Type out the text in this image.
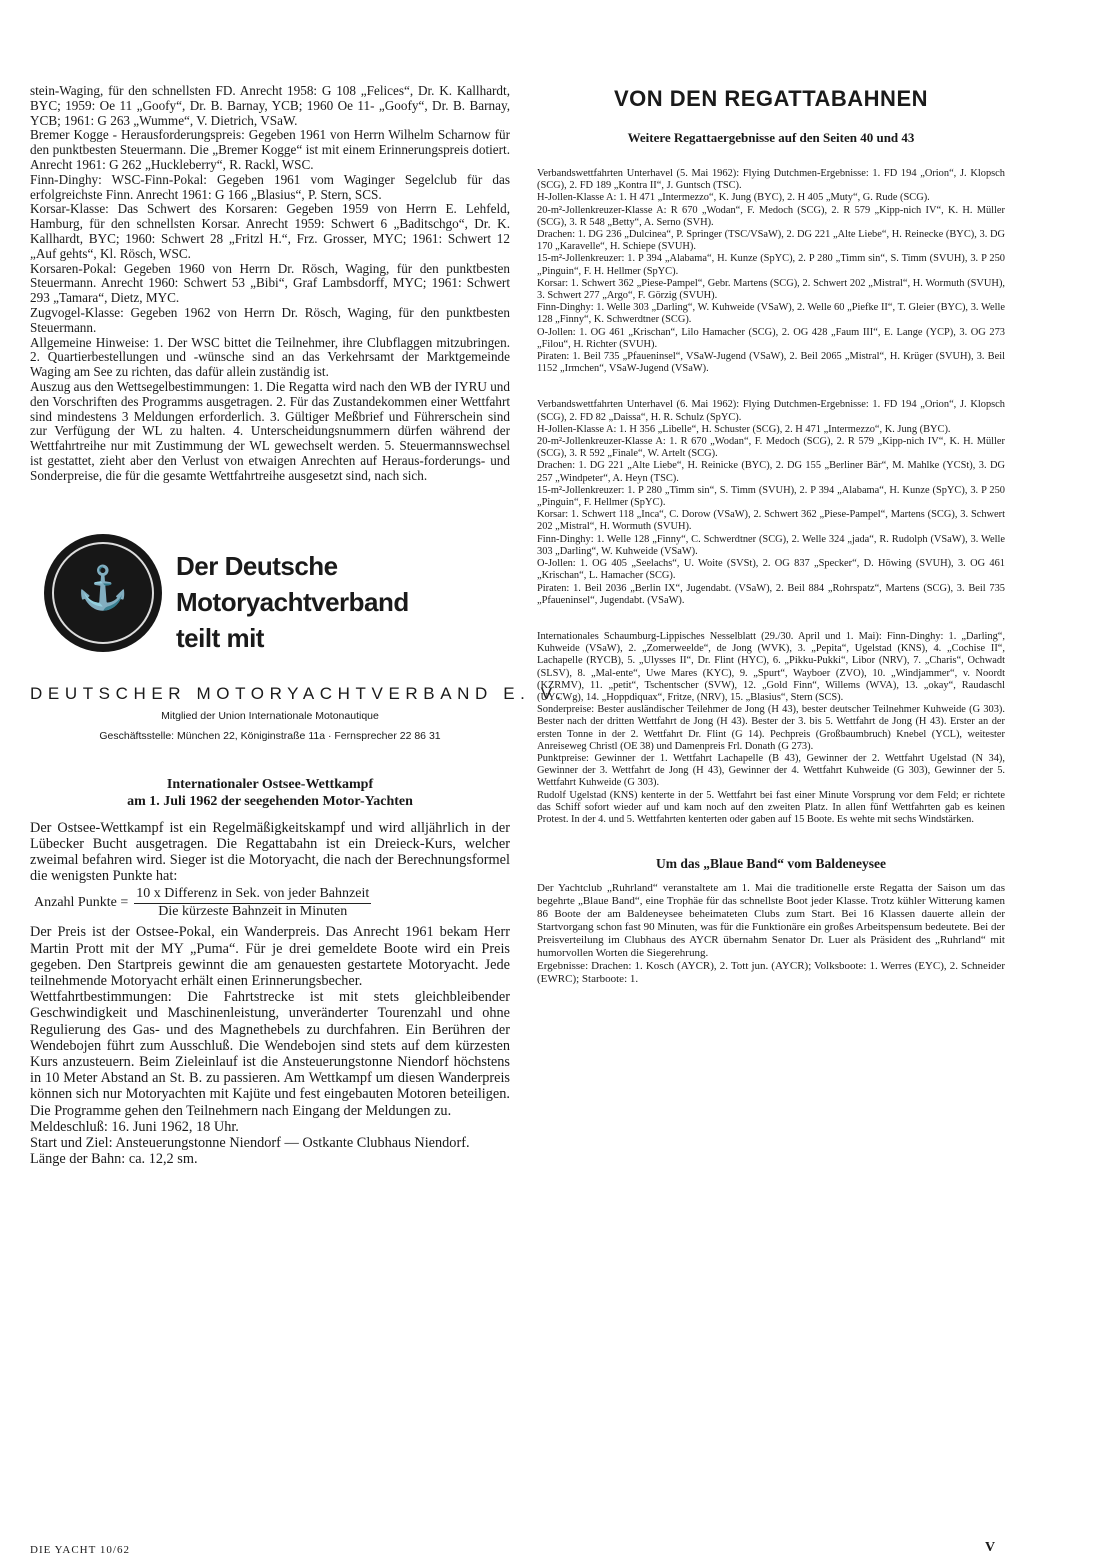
stein-Waging, für den schnellsten FD. Anrecht 1958: G 108 „Felices“, Dr. K. Kallhardt, BYC; 1959: Oe 11 „Goofy“, Dr. B. Barnay, YCB; 1960 Oe 11- „Goofy“, Dr. B. Barnay, YCB; 1961: G 263 „Wumme“, V. Dietrich, VSaW.

Bremer Kogge - Herausforderungspreis: Gegeben 1961 von Herrn Wilhelm Scharnow für den punktbesten Steuermann. Die „Bremer Kogge“ ist mit einem Erinnerungspreis dotiert. Anrecht 1961: G 262 „Huckleberry“, R. Rackl, WSC.

Finn-Dinghy: WSC-Finn-Pokal: Gegeben 1961 vom Waginger Segelclub für das erfolgreichste Finn. Anrecht 1961: G 166 „Blasius“, P. Stern, SCS.

Korsar-Klasse: Das Schwert des Korsaren: Gegeben 1959 von Herrn E. Lehfeld, Hamburg, für den schnellsten Korsar. Anrecht 1959: Schwert 6 „Baditschgo“, Dr. K. Kallhardt, BYC; 1960: Schwert 28 „Fritzl H.“, Frz. Grosser, MYC; 1961: Schwert 12 „Auf gehts“, Kl. Rösch, WSC.

Korsaren-Pokal: Gegeben 1960 von Herrn Dr. Rösch, Waging, für den punktbesten Steuermann. Anrecht 1960: Schwert 53 „Bibi“, Graf Lambsdorff, MYC; 1961: Schwert 293 „Tamara“, Dietz, MYC.

Zugvogel-Klasse: Gegeben 1962 von Herrn Dr. Rösch, Waging, für den punktbesten Steuermann.

Allgemeine Hinweise: 1. Der WSC bittet die Teilnehmer, ihre Clubflaggen mitzubringen. 2. Quartierbestellungen und -wünsche sind an das Verkehrsamt der Marktgemeinde Waging am See zu richten, das dafür allein zuständig ist.

Auszug aus den Wettsegelbestimmungen: 1. Die Regatta wird nach den WB der IYRU und den Vorschriften des Programms ausgetragen. 2. Für das Zustandekommen einer Wettfahrt sind mindestens 3 Meldungen erforderlich. 3. Gültiger Meßbrief und Führerschein sind zur Verfügung der WL zu halten. 4. Unterscheidungsnummern dürfen während der Wettfahrtreihe nur mit Zustimmung der WL gewechselt werden. 5. Steuermannswechsel ist gestattet, zieht aber den Verlust von etwaigen Anrechten auf Heraus-forderungs- und Sonderpreise, die für die gesamte Wettfahrtreihe ausgesetzt sind, nach sich.

⚓	Der Deutsche Motoryachtverband
teilt mit
DEUTSCHER MOTORYACHTVERBAND E. V.
Mitglied der Union Internationale Motonautique
Geschäftsstelle: München 22, Königinstraße 11a · Fernsprecher 22 86 31
Internationaler Ostsee-Wettkampf
am 1. Juli 1962 der seegehenden Motor-Yachten

Der Ostsee-Wettkampf ist ein Regelmäßigkeitskampf und wird alljährlich in der Lübecker Bucht ausgetragen. Die Regattabahn ist ein Dreieck-Kurs, welcher zweimal befahren wird. Sieger ist die Motoryacht, die nach der Berechnungsformel die wenigsten Punkte hat:

Anzahl Punkte = $\frac{\text{10 x Differenz in Sek. von jeder Bahnzeit}}{\text{Die kürzeste Bahnzeit in Minuten}}$

Der Preis ist der Ostsee-Pokal, ein Wanderpreis. Das Anrecht 1961 bekam Herr Martin Prott mit der MY „Puma“. Für je drei gemeldete Boote wird ein Preis gegeben. Den Startpreis gewinnt die am genauesten gestartete Motoryacht. Jede teilnehmende Motoryacht erhält einen Erinnerungsbecher.

Wettfahrtbestimmungen: Die Fahrtstrecke ist mit stets gleichbleibender Geschwindigkeit und Maschinenleistung, unveränderter Tourenzahl und ohne Regulierung des Gas- und des Magnethebels zu durchfahren. Ein Berühren der Wendebojen führt zum Ausschluß. Die Wendebojen sind stets auf dem kürzesten Kurs anzusteuern. Beim Zieleinlauf ist die Ansteuerungstonne Niendorf höchstens in 10 Meter Abstand an St. B. zu passieren. Am Wettkampf um diesen Wanderpreis können sich nur Motoryachten mit Kajüte und fest eingebauten Motoren beteiligen. Die Programme gehen den Teilnehmern nach Eingang der Meldungen zu.

Meldeschluß: 16. Juni 1962, 18 Uhr.

Start und Ziel: Ansteuerungstonne Niendorf — Ostkante Clubhaus Niendorf.

Länge der Bahn: ca. 12,2 sm.

VON DEN REGATTABAHNEN
Weitere Regattaergebnisse auf den Seiten 40 und 43

Verbandswettfahrten Unterhavel (5. Mai 1962): Flying Dutchmen-Ergebnisse: 1. FD 194 „Orion“, J. Klopsch (SCG), 2. FD 189 „Kontra II“, J. Guntsch (TSC).

H-Jollen-Klasse A: 1. H 471 „Intermezzo“, K. Jung (BYC), 2. H 405 „Muty“, G. Rude (SCG).

20-m²-Jollenkreuzer-Klasse A: R 670 „Wodan“, F. Medoch (SCG), 2. R 579 „Kipp-nich IV“, K. H. Müller (SCG), 3. R 548 „Betty“, A. Serno (SVH).

Drachen: 1. DG 236 „Dulcinea“, P. Springer (TSC/VSaW), 2. DG 221 „Alte Liebe“, H. Reinecke (BYC), 3. DG 170 „Karavelle“, H. Schiepe (SVUH).

15-m²-Jollenkreuzer: 1. P 394 „Alabama“, H. Kunze (SpYC), 2. P 280 „Timm sin“, S. Timm (SVUH), 3. P 250 „Pinguin“, F. H. Hellmer (SpYC).

Korsar: 1. Schwert 362 „Piese-Pampel“, Gebr. Martens (SCG), 2. Schwert 202 „Mistral“, H. Wormuth (SVUH), 3. Schwert 277 „Argo“, F. Görzig (SVUH).

Finn-Dinghy: 1. Welle 303 „Darling“, W. Kuhweide (VSaW), 2. Welle 60 „Piefke II“, T. Gleier (BYC), 3. Welle 128 „Finny“, K. Schwerdtner (SCG).

O-Jollen: 1. OG 461 „Krischan“, Lilo Hamacher (SCG), 2. OG 428 „Faum III“, E. Lange (YCP), 3. OG 273 „Filou“, H. Richter (SVUH).

Piraten: 1. Beil 735 „Pfaueninsel“, VSaW-Jugend (VSaW), 2. Beil 2065 „Mistral“, H. Krüger (SVUH), 3. Beil 1152 „Irmchen“, VSaW-Jugend (VSaW).

Verbandswettfahrten Unterhavel (6. Mai 1962): Flying Dutchmen-Ergebnisse: 1. FD 194 „Orion“, J. Klopsch (SCG), 2. FD 82 „Daissa“, H. R. Schulz (SpYC).

H-Jollen-Klasse A: 1. H 356 „Libelle“, H. Schuster (SCG), 2. H 471 „Intermezzo“, K. Jung (BYC).

20-m²-Jollenkreuzer-Klasse A: 1. R 670 „Wodan“, F. Medoch (SCG), 2. R 579 „Kipp-nich IV“, K. H. Müller (SCG), 3. R 592 „Finale“, W. Artelt (SCG).

Drachen: 1. DG 221 „Alte Liebe“, H. Reinicke (BYC), 2. DG 155 „Berliner Bär“, M. Mahlke (YCSt), 3. DG 257 „Windpeter“, A. Heyn (TSC).

15-m²-Jollenkreuzer: 1. P 280 „Timm sin“, S. Timm (SVUH), 2. P 394 „Alabama“, H. Kunze (SpYC), 3. P 250 „Pinguin“, F. Hellmer (SpYC).

Korsar: 1. Schwert 118 „Inca“, C. Dorow (VSaW), 2. Schwert 362 „Piese-Pampel“, Martens (SCG), 3. Schwert 202 „Mistral“, H. Wormuth (SVUH).

Finn-Dinghy: 1. Welle 128 „Finny“, C. Schwerdtner (SCG), 2. Welle 324 „jada“, R. Rudolph (VSaW), 3. Welle 303 „Darling“, W. Kuhweide (VSaW).

O-Jollen: 1. OG 405 „Seelachs“, U. Woite (SVSt), 2. OG 837 „Specker“, D. Höwing (SVUH), 3. OG 461 „Krischan“, L. Hamacher (SCG).

Piraten: 1. Beil 2036 „Berlin IX“, Jugendabt. (VSaW), 2. Beil 884 „Rohrspatz“, Martens (SCG), 3. Beil 735 „Pfaueninsel“, Jugendabt. (VSaW).

Internationales Schaumburg-Lippisches Nesselblatt (29./30. April und 1. Mai): Finn-Dinghy: 1. „Darling“, Kuhweide (VSaW), 2. „Zomerweelde“, de Jong (WVK), 3. „Pepita“, Ugelstad (KNS), 4. „Cochise II“, Lachapelle (RYCB), 5. „Ulysses II“, Dr. Flint (HYC), 6. „Pikku-Pukki“, Libor (NRV), 7. „Charis“, Ochwadt (SLSV), 8. „Mal-ente“, Uwe Mares (KYC), 9. „Spurt“, Wayboer (ZVO), 10. „Windjammer“, v. Noordt (KZRMV), 11. „petit“, Tschentscher (SVW), 12. „Gold Finn“, Willems (WVA), 13. „okay“, Raudaschl (UYCWg), 14. „Hoppdiquax“, Fritze, (NRV), 15. „Blasius“, Stern (SCS).

Sonderpreise: Bester ausländischer Teilehmer de Jong (H 43), bester deutscher Teilnehmer Kuhweide (G 303). Bester nach der dritten Wettfahrt de Jong (H 43). Bester der 3. bis 5. Wettfahrt de Jong (H 43). Erster an der ersten Tonne in der 2. Wettfahrt Dr. Flint (G 14). Pechpreis (Großbaumbruch) Knebel (YCL), weitester Anreiseweg Christl (OE 38) und Damenpreis Frl. Donath (G 273).

Punktpreise: Gewinner der 1. Wettfahrt Lachapelle (B 43), Gewinner der 2. Wettfahrt Ugelstad (N 34), Gewinner der 3. Wettfahrt de Jong (H 43), Gewinner der 4. Wettfahrt Kuhweide (G 303), Gewinner der 5. Wettfahrt Kuhweide (G 303).

Rudolf Ugelstad (KNS) kenterte in der 5. Wettfahrt bei fast einer Minute Vorsprung vor dem Feld; er richtete das Schiff sofort wieder auf und kam noch auf den zweiten Platz. In allen fünf Wettfahrten gab es keinen Protest. In der 4. und 5. Wettfahrten kenterten oder gaben auf 15 Boote. Es wehte mit sechs Windstärken.

Um das „Blaue Band“ vom Baldeneysee

Der Yachtclub „Ruhrland“ veranstaltete am 1. Mai die traditionelle erste Regatta der Saison um das begehrte „Blaue Band“, eine Trophäe für das schnellste Boot jeder Klasse. Trotz kühler Witterung kamen 86 Boote der am Baldeneysee beheimateten Clubs zum Start. Bei 16 Klassen dauerte allein der Startvorgang schon fast 90 Minuten, was für die Funktionäre ein großes Arbeitspensum bedeutete. Bei der Preisverteilung im Clubhaus des AYCR übernahm Senator Dr. Luer als Präsident des „Ruhrland“ mit humorvollen Worten die Siegerehrung.

Ergebnisse: Drachen: 1. Kosch (AYCR), 2. Tott jun. (AYCR); Volksboote: 1. Werres (EYC), 2. Schneider (EWRC); Starboote: 1.

DIE YACHT 10/62	V
